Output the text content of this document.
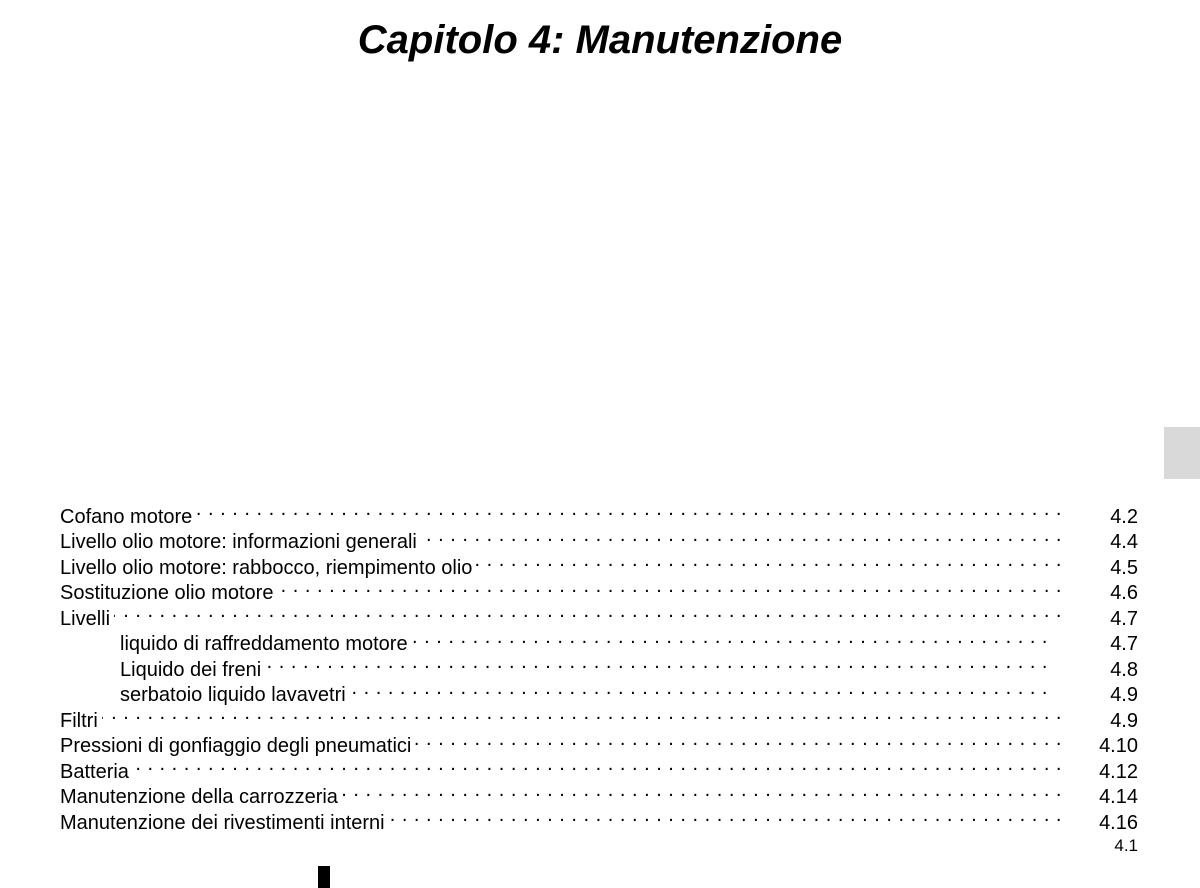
Capitolo 4: Manutenzione
Cofano motore . . .	4.2
Livello olio motore: informazioni generali . . .	4.4
Livello olio motore: rabbocco, riempimento olio . . .	4.5
Sostituzione olio motore . . .	4.6
Livelli . . .	4.7
liquido di raffreddamento motore . . .	4.7
Liquido dei freni . . .	4.8
serbatoio liquido lavavetri . . .	4.9
Filtri . . .	4.9
Pressioni di gonfiaggio degli pneumatici . . .	4.10
Batteria . . .	4.12
Manutenzione della carrozzeria . . .	4.14
Manutenzione dei rivestimenti interni . . .	4.16
4.1
